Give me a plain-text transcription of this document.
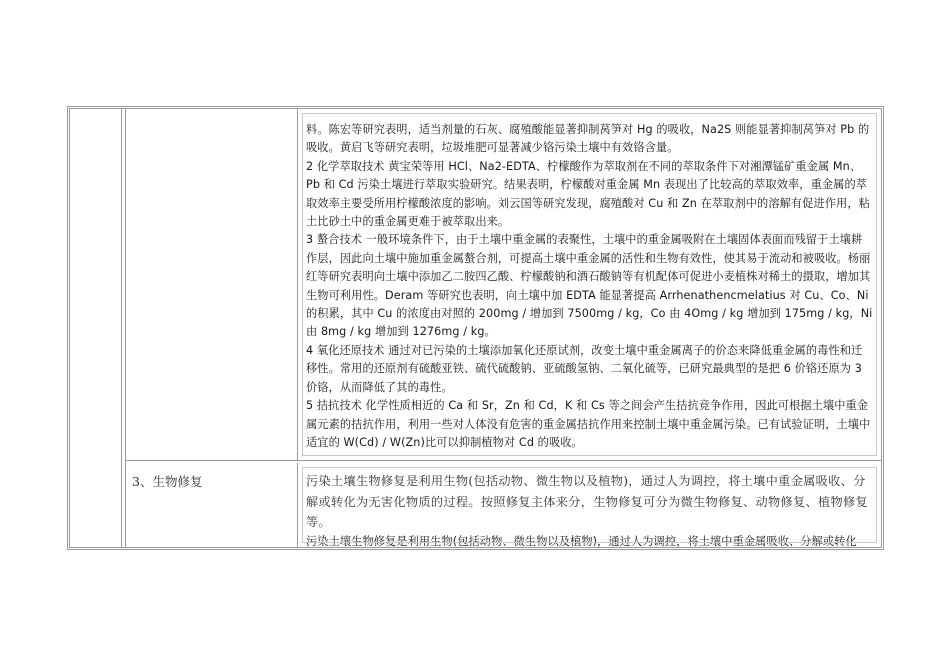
料。陈宏等研究表明，适当剂量的石灰、腐殖酸能显著抑制莴笋对 Hg 的吸收，Na2S 则能显著抑制莴笋对 Pb 的吸收。黄启飞等研究表明，垃圾堆肥可显著减少铬污染土壤中有效铬含量。

2 化学萃取技术 黄宝荣等用 HCl、Na2-EDTA、柠檬酸作为萃取剂在不同的萃取条件下对湘潭锰矿重金属 Mn、Pb 和 Cd 污染土壤进行萃取实验研究。结果表明，柠檬酸对重金属 Mn 表现出了比较高的萃取效率，重金属的萃取效率主要受所用柠檬酸浓度的影响。刘云国等研究发现，腐殖酸对 Cu 和 Zn 在萃取剂中的溶解有促进作用，粘土比砂土中的重金属更难于被萃取出来。

3 螯合技术 一般环境条件下，由于土壤中重金属的表聚性，土壤中的重金属吸附在土壤固体表面而残留于土壤耕作层，因此向土壤中施加重金属螯合剂，可提高土壤中重金属的活性和生物有效性，使其易于流动和被吸收。杨丽红等研究表明向土壤中添加乙二胺四乙酸、柠檬酸钠和酒石酸钠等有机配体可促进小麦植株对稀土的摄取，增加其生物可利用性。Deram 等研究也表明，向土壤中加 EDTA 能显著提高 Arrhenathencmelatius 对 Cu、Co、Ni 的积累，其中 Cu 的浓度由对照的 200mg / 增加到 7500mg / kg，Co 由 4Omg / kg 增加到 175mg / kg，Ni 由 8mg / kg 增加到 1276mg / kg。

4 氧化还原技术 通过对已污染的土壤添加氧化还原试剂，改变土壤中重金属离子的价态来降低重金属的毒性和迁移性。常用的还原剂有硫酸亚铁、硫代硫酸钠、亚硫酸氢钠、二氧化硫等，已研究最典型的是把 6 价铬还原为 3 价铬，从而降低了其的毒性。

5 拮抗技术 化学性质相近的 Ca 和 Sr，Zn 和 Cd，K 和 Cs 等之间会产生拮抗竞争作用，因此可根据土壤中重金属元素的拮抗作用，利用一些对人体没有危害的重金属拮抗作用来控制土壤中重金属污染。已有试验证明，土壤中适宜的 W(Cd) / W(Zn)比可以抑制植物对 Cd 的吸收。

3、生物修复	污染土壤生物修复是利用生物(包括动物、微生物以及植物)，通过人为调控，将土壤中重金属吸收、分解或转化为无害化物质的过程。按照修复主体来分，生物修复可分为微生物修复、动物修复、植物修复等。

污染土壤生物修复是利用生物(包括动物、微生物以及植物)，通过人为调控，将土壤中重金属吸收、分解或转化
